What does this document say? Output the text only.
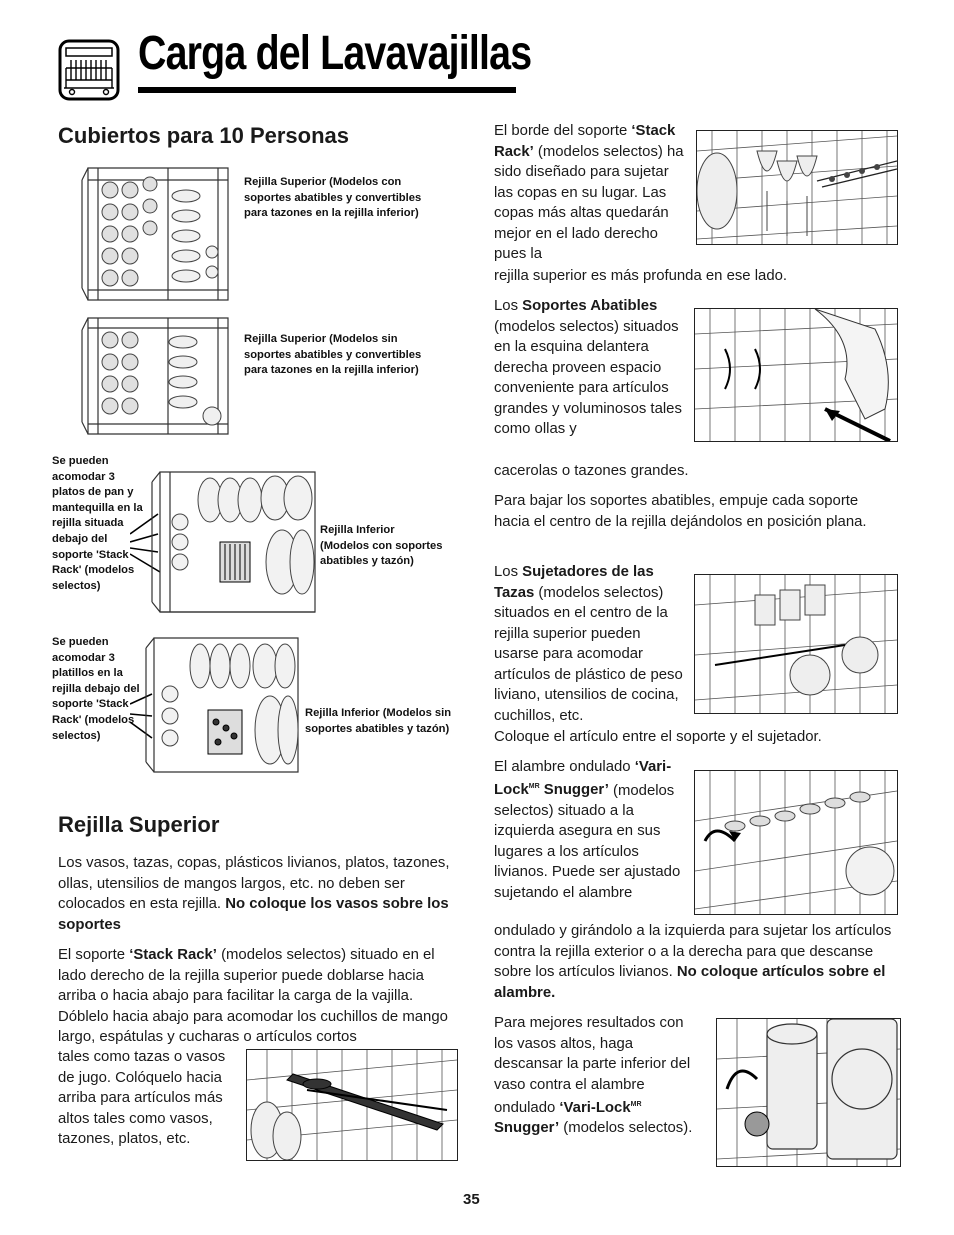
Carga del Lavavajillas
Cubiertos para 10 Personas
Rejilla Superior (Modelos con soportes abatibles y convertibles para tazones en la rejilla inferior)
Rejilla Superior (Modelos sin soportes abatibles y convertibles para tazones en la rejilla inferior)
Se pueden acomodar 3 platos de pan y mantequilla en la rejilla situada debajo del soporte 'Stack Rack' (modelos selectos)
Rejilla Inferior (Modelos con soportes abatibles y tazón)
Se pueden acomodar 3 platillos en la rejilla debajo del soporte 'Stack Rack' (modelos selectos)
Rejilla Inferior (Modelos sin soportes abatibles y tazón)
Rejilla Superior
Los vasos, tazas, copas, plásticos livianos, platos, tazones, ollas, utensilios de mangos largos, etc. no deben ser colocados en esta rejilla. No coloque los vasos sobre los soportes
El soporte ‘Stack Rack’ (modelos selectos) situado en el lado derecho de la rejilla superior puede doblarse hacia arriba o hacia abajo para facilitar la carga de la vajilla. Dóblelo hacia abajo para acomodar los cuchillos de mango largo, espátulas y cucharas o artículos cortos
tales como tazas o vasos de jugo. Colóquelo hacia arriba para artículos más altos tales como vasos, tazones, platos, etc.
El borde del soporte ‘Stack Rack’ (modelos selectos) ha sido diseñado para sujetar las copas en su lugar. Las copas más altas quedarán mejor en el lado derecho pues la
rejilla superior es más profunda en ese lado.
Los Soportes Abatibles (modelos selectos) situados en la esquina delantera derecha proveen espacio conveniente para artículos grandes y voluminosos tales como ollas y
cacerolas o tazones grandes.
Para bajar los soportes abatibles, empuje cada soporte hacia el centro de la rejilla dejándolos en posición plana.
Los Sujetadores de las Tazas (modelos selectos) situados en el centro de la rejilla superior pueden usarse para acomodar artículos de plástico de peso liviano, utensilios de cocina, cuchillos, etc.
Coloque el artículo entre el soporte y el sujetador.
El alambre ondulado ‘Vari-Lock$^{MR}$ Snugger’ (modelos selectos) situado a la izquierda asegura en sus lugares a los artículos livianos. Puede ser ajustado sujetando el alambre
ondulado y girándolo a la izquierda para sujetar los artículos contra la rejilla exterior o a la derecha para que descanse sobre los artículos livianos. No coloque artículos sobre el alambre.
Para mejores resultados con los vasos altos, haga descansar la parte inferior del vaso contra el alambre ondulado ‘Vari-Lock$^{MR}$ Snugger’ (modelos selectos).
35
